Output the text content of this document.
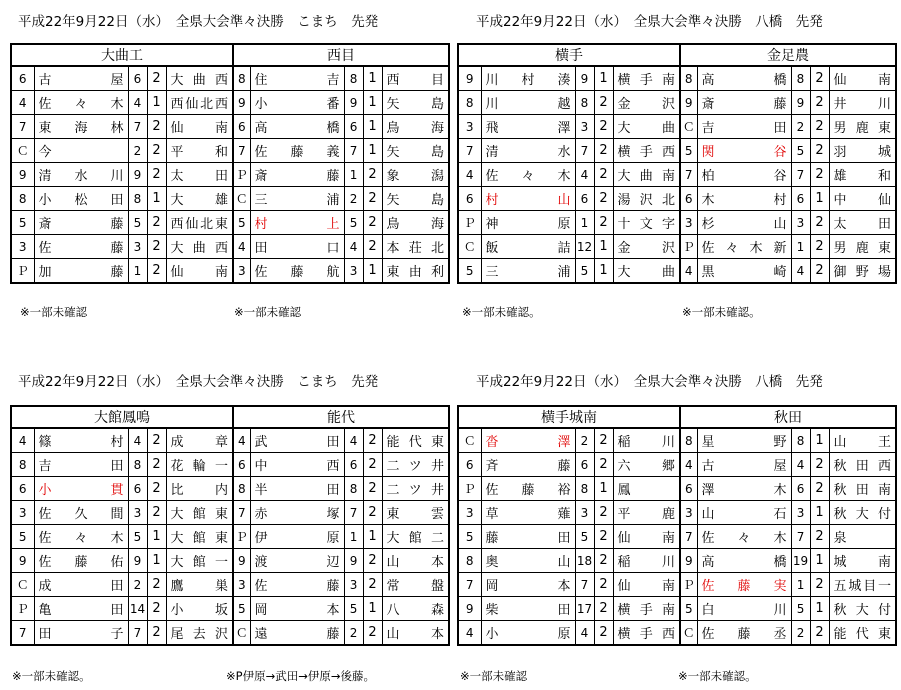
平成22年9月22日（水）　全県大会準々決勝　こまち　先発
大曲工					西目				
6	古　屋	6	2	大曲西	8	住　吉	8	1	西目
4	佐々木	4	1	西仙北西	9	小　番	9	1	矢島
7	東海林	7	2	仙南	6	高　橋	6	1	鳥海
Ｃ	今	2	2	平和	7	佐藤義	7	1	矢島
9	清水川	9	2	太田	Ｐ	斎　藤	1	2	象潟
8	小松田	8	1	大雄	Ｃ	三　浦	2	2	矢島
5	斎　藤	5	2	西仙北東	5	村　上	5	2	鳥海
3	佐　藤	3	2	大曲西	4	田　口	4	2	本荘北
Ｐ	加　藤	1	2	仙南	3	佐藤航	3	1	東由利
※一部未確認	※一部未確認
平成22年9月22日（水）　全県大会準々決勝　八橋　先発
横手					金足農				
9	川村湊	9	1	横手南	8	高　橋	8	2	仙南
8	川　越	8	2	金沢	9	斎　藤	9	2	井川
3	飛　澤	3	2	大曲	Ｃ	吉　田	2	2	男鹿東
7	清　水	7	2	横手西	5	関　谷	5	2	羽城
4	佐々木	4	2	大曲南	7	柏　谷	7	2	雄和
6	村　山	6	2	湯沢北	6	木　村	6	1	中仙
Ｐ	神　原	1	2	十文字	3	杉　山	3	2	太田
Ｃ	飯　詰	12	1	金沢	Ｐ	佐々木新	1	2	男鹿東
5	三　浦	5	1	大曲	4	黒　崎	4	2	御野場
※一部未確認。	※一部未確認。
平成22年9月22日（水）　全県大会準々決勝　こまち　先発
大館鳳鳴					能代				
4	篠　村	4	2	成章	4	武　田	4	2	能代東
8	吉　田	8	2	花輪一	6	中　西	6	2	二ツ井
6	小　貫	6	2	比内	8	半　田	8	2	二ツ井
3	佐久間	3	2	大館東	7	赤　塚	7	2	東雲
5	佐々木	5	1	大館東	Ｐ	伊　原	1	1	大館二
9	佐藤佑	9	1	大館一	9	渡　辺	9	2	山本
Ｃ	成　田	2	2	鷹巣	3	佐　藤	3	2	常盤
Ｐ	亀　田	14	2	小坂	5	岡　本	5	1	八森
7	田　子	7	2	尾去沢	Ｃ	遠　藤	2	2	山本
※一部未確認。	※P伊原→武田→伊原→後藤。
平成22年9月22日（水）　全県大会準々決勝　八橋　先発
横手城南					秋田				
Ｃ	沓　澤	2	2	稲川	8	星　野	8	1	山王
6	斉　藤	6	2	六郷	4	古　屋	4	2	秋田西
Ｐ	佐藤裕	8	1	鳳	6	澤　木	6	2	秋田南
3	草　薙	3	2	平鹿	3	山　石	3	1	秋大付
5	藤　田	5	2	仙南	7	佐々木	7	2	泉
8	奥　山	18	2	稲川	9	高　橋	19	1	城南
7	岡　本	7	2	仙南	Ｐ	佐藤実	1	2	五城目一
9	柴　田	17	2	横手南	5	白　川	5	1	秋大付
4	小　原	4	2	横手西	Ｃ	佐藤丞	2	2	能代東
※一部未確認	※一部未確認。
